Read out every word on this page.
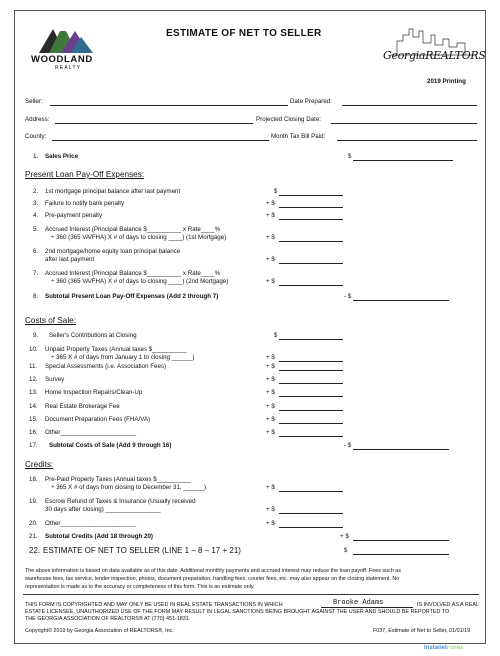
WOODLAND
REALTY
ESTIMATE OF NET TO SELLER
GeorgiaREALTORS
2019 Printing
Seller:	Date Prepared:
Address:	Projected Closing Date:
County:	Month Tax Bill Paid:
1. Sales Price	$
Present Loan Pay-Off Expenses:
2. 1st mortgage principal balance after last payment	$
3. Failure to notify bank penalty	+ $
4. Pre-payment penalty	+ $
5. Accrued Interest (Principal Balance $__________ x Rate____%
÷ 360 (365 VA/FHA) X # of days to closing ____) (1st Mortgage)	+ $
6. 2nd mortgage/home equity loan principal balance
after last payment	+ $
7. Accrued Interest (Principal Balance $__________ x Rate____%
÷ 360 (365 VA/FHA) X # of days to closing ____) (2nd Mortgage)	+ $
8. Subtotal Present Loan Pay-Off Expenses (Add 2 through 7)	- $
Costs of Sale:
9. Seller's Contributions at Closing	$
10. Unpaid Property Taxes (Annual taxes $__________
÷ 365 X # of days from January 1 to closing ______)	+ $
11. Special Assessments (i.e. Association Fees)	+ $
12. Survey	+ $
13. Home Inspection Repairs/Clean-Up	+ $
14. Real Estate Brokerage Fee	+ $
15. Document Preparation Fees (FHA/VA)	+ $
16. Other______________________	+ $
17. Subtotal Costs of Sale (Add 9 through 16)	- $
Credits:
18. Pre-Paid Property Taxes (Annual taxes $__________
÷ 365 X # of days from closing to December 31, ______)	+ $
19. Escrow Refund of Taxes & Insurance (Usually received
30 days after closing) ________________	+ $
20. Other______________________	+ $
21. Subtotal Credits (Add 18 through 20)	+ $
22. ESTIMATE OF NET TO SELLER (LINE 1 – 8 – 17 + 21)	$
The above information is based on data available as of this date. Additional monthly payments and accrued interest may reduce the loan payoff. Fees such as
warehouse fees, tax service, lender inspection, photos, document preparation, handling fees, courier fees, etc. may also appear on the closing statement. No
representation is made as to the accuracy or completeness of this form. This is an estimate only.
THIS FORM IS COPYRIGHTED AND MAY ONLY BE USED IN REAL ESTATE TRANSACTIONS IN WHICH	Brooke Adams	IS INVOLVED AS A REAL
ESTATE LICENSEE. UNAUTHORIZED USE OF THE FORM MAY RESULT IN LEGAL SANCTIONS BEING BROUGHT AGAINST THE USER AND SHOULD BE REPORTED TO
THE GEORGIA ASSOCIATION OF REALTORS® AT (770) 451-1831.
Copyright© 2019 by Georgia Association of REALTORS®, Inc.	F037, Estimate of Net to Seller, 01/01/19
InstanetFORMS
